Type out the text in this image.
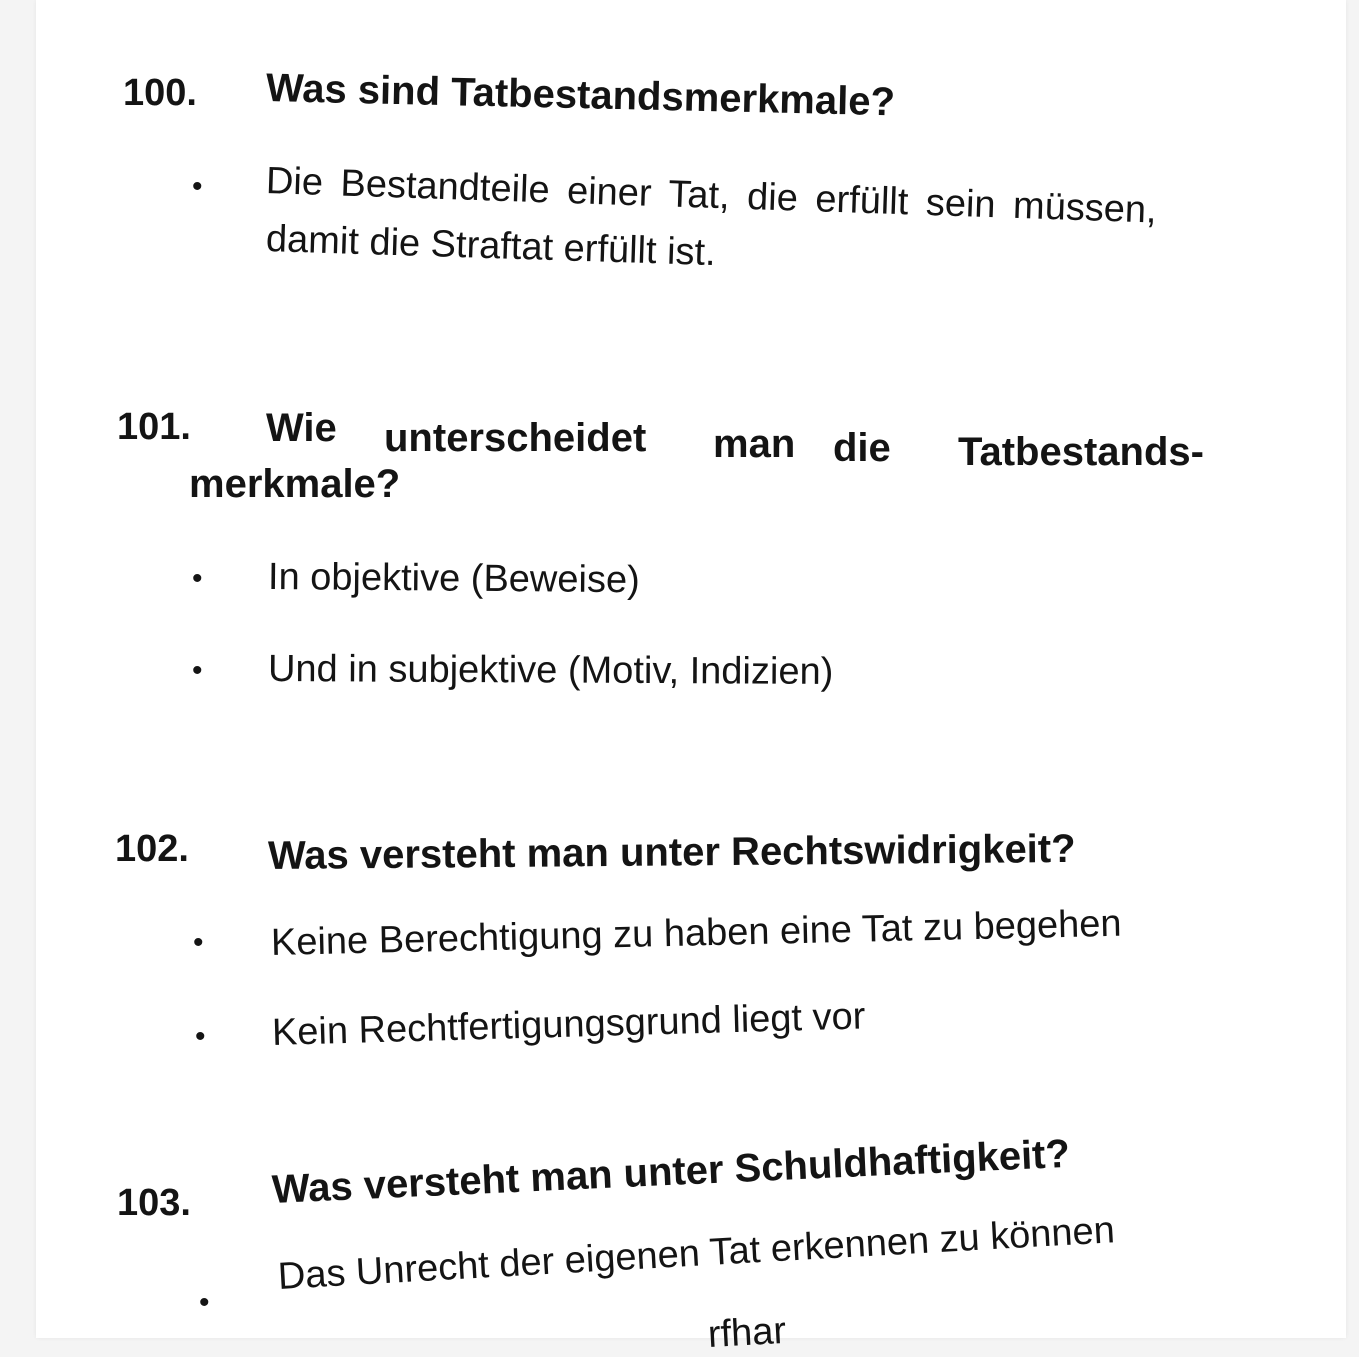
100. Was sind Tatbestandsmerkmale?
• Die Bestandteile einer Tat, die erfüllt sein müssen,
damit die Straftat erfüllt ist.
101. Wie unterscheidet man die Tatbestands-
merkmale?
• In objektive (Beweise)
• Und in subjektive (Motiv, Indizien)
102. Was versteht man unter Rechtswidrigkeit?
• Keine Berechtigung zu haben eine Tat zu begehen
• Kein Rechtfertigungsgrund liegt vor
103. Was versteht man unter Schuldhaftigkeit?
•
Das Unrecht der eigenen Tat erkennen zu können
rfhar
